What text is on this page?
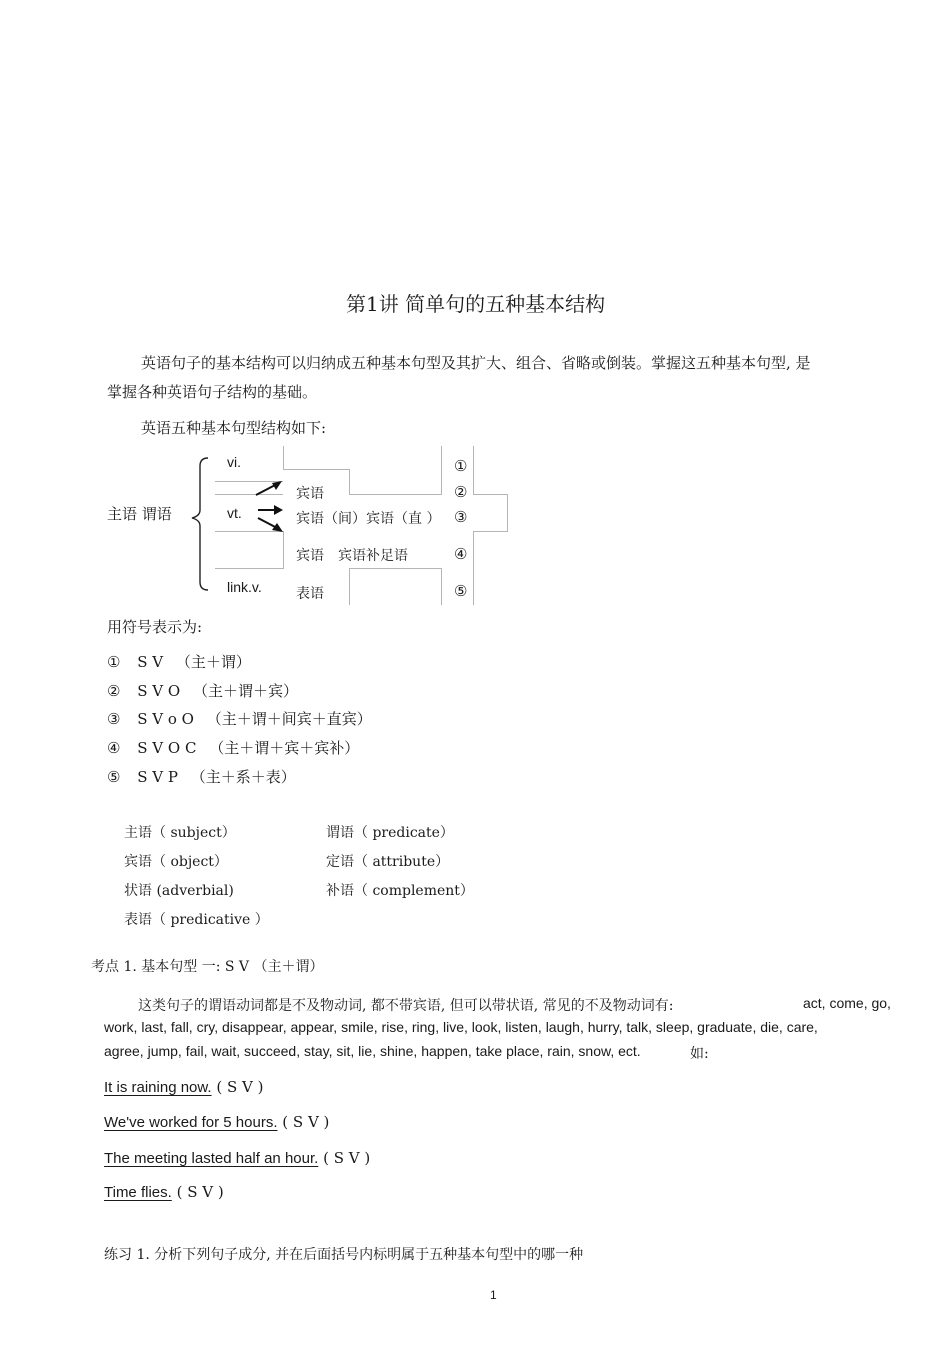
第1讲 简单句的五种基本结构
英语句子的基本结构可以归纳成五种基本句型及其扩大、组合、省略或倒装。掌握这五种基本句型, 是
掌握各种英语句子结构的基础。
英语五种基本句型结构如下:
主语 谓语
vi.
vt.
link.v.
宾语
宾语（间）宾语（直 ）
宾语 宾语补足语
表语
①
②
③
④
⑤
用符号表示为:
① S V （主＋谓）
② S V O （主＋谓＋宾）
③ S V o O （主＋谓＋间宾＋直宾）
④ S V O C （主＋谓＋宾＋宾补）
⑤ S V P （主＋系＋表）
主语（ subject）	谓语（ predicate）
宾语（ object）	定语（ attribute）
状语 (adverbial)	补语（ complement）
表语（ predicative ）
考点 1. 基本句型 一: S V （主＋谓）
这类句子的谓语动词都是不及物动词, 都不带宾语, 但可以带状语, 常见的不及物动词有:	act, come, go,
work, last, fall, cry, disappear, appear, smile, rise, ring, live, look, listen, laugh, hurry, talk, sleep, graduate, die, care,
agree, jump, fail, wait, succeed, stay, sit, lie, shine, happen, take place, rain, snow, ect.	如:
It is raining now. ( S V )
We've worked for 5 hours. ( S V )
The meeting lasted half an hour. ( S V )
Time flies. ( S V )
练习 1. 分析下列句子成分, 并在后面括号内标明属于五种基本句型中的哪一种
1
